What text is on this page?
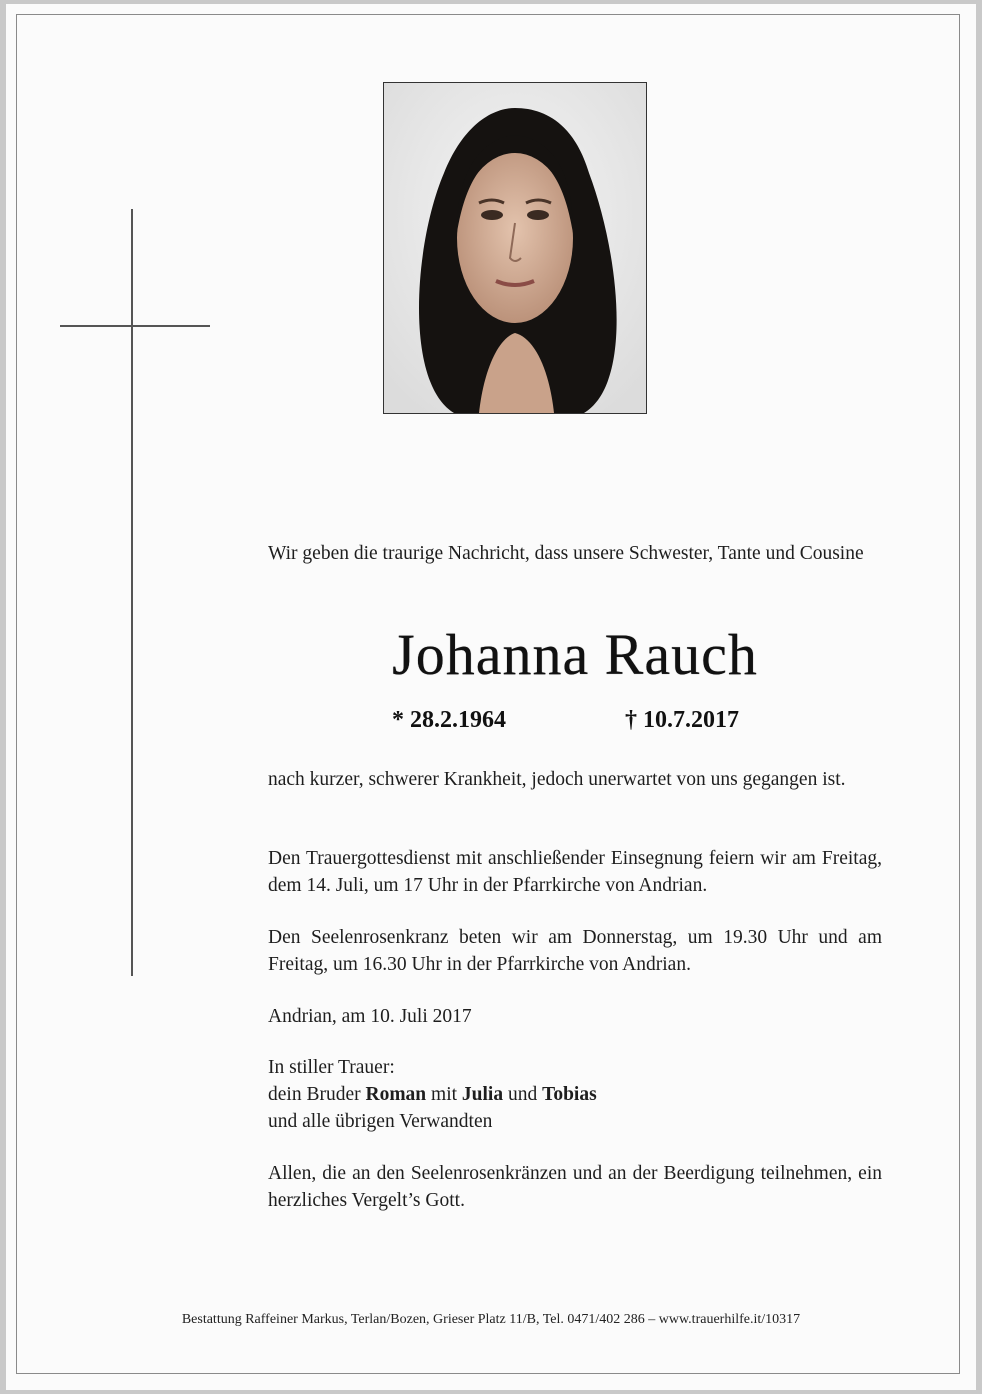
Wir geben die traurige Nachricht, dass unsere Schwester, Tante und Cousine
Johanna Rauch
* 28.2.1964	† 10.7.2017
nach kurzer, schwerer Krankheit, jedoch unerwartet von uns gegangen ist.
Den Trauergottesdienst mit anschließender Einsegnung feiern wir am Freitag, dem 14. Juli, um 17 Uhr in der Pfarrkirche von Andrian.
Den Seelenrosenkranz beten wir am Donnerstag, um 19.30 Uhr und am Freitag, um 16.30 Uhr in der Pfarrkirche von Andrian.
Andrian, am 10. Juli 2017
In stiller Trauer:
dein Bruder Roman mit Julia und Tobias
und alle übrigen Verwandten
Allen, die an den Seelenrosenkränzen und an der Beerdigung teilnehmen, ein herzliches Vergelt’s Gott.
Bestattung Raffeiner Markus, Terlan/Bozen, Grieser Platz 11/B, Tel. 0471/402 286 – www.trauerhilfe.it/10317
